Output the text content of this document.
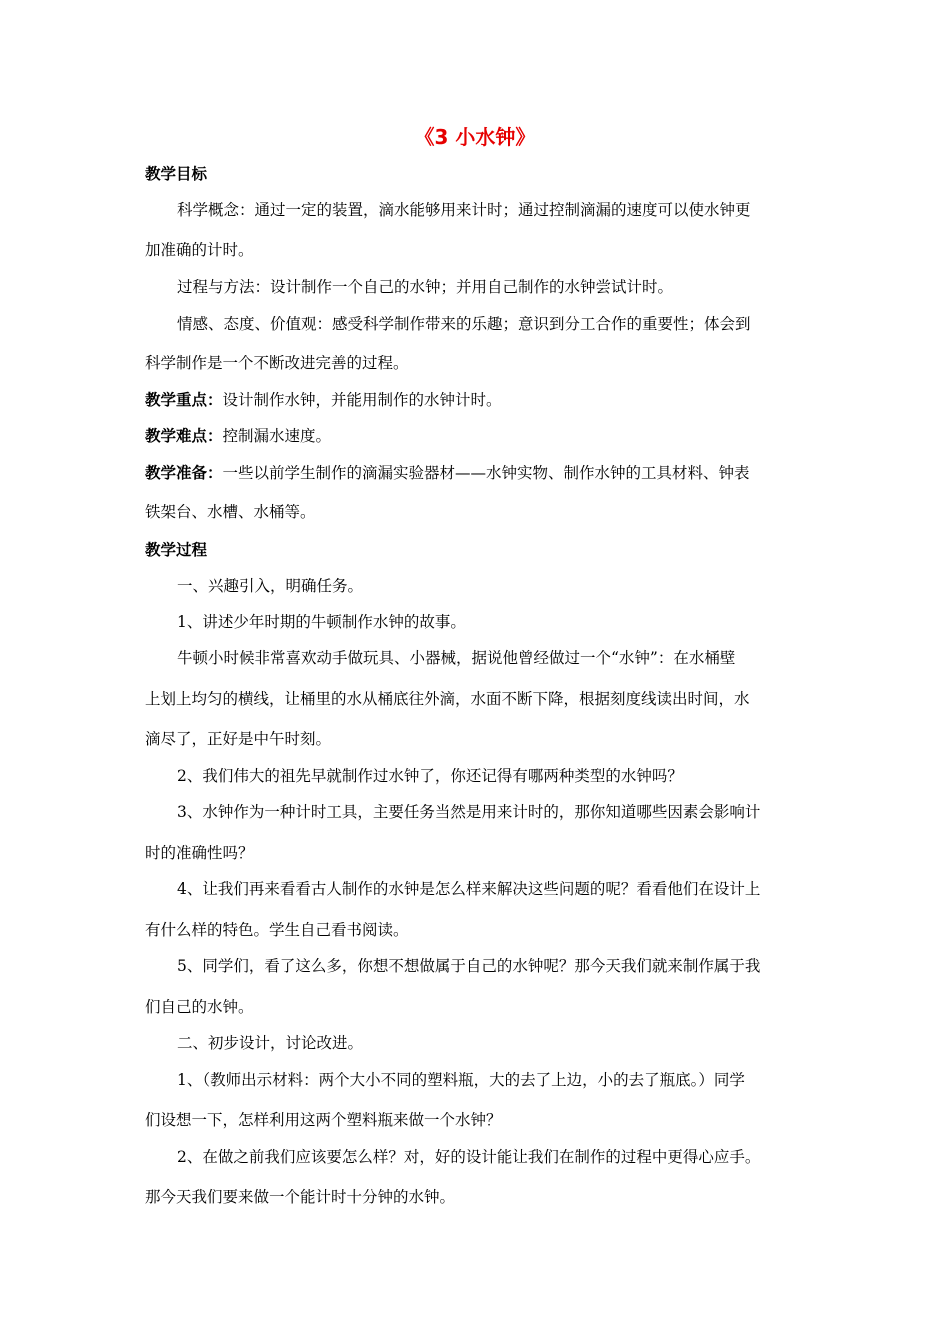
《3 小水钟》
教学目标
科学概念：通过一定的装置，滴水能够用来计时；通过控制滴漏的速度可以使水钟更
加准确的计时。
过程与方法：设计制作一个自己的水钟；并用自己制作的水钟尝试计时。
情感、态度、价值观：感受科学制作带来的乐趣；意识到分工合作的重要性；体会到
科学制作是一个不断改进完善的过程。
教学重点：设计制作水钟，并能用制作的水钟计时。
教学难点：控制漏水速度。
教学准备：一些以前学生制作的滴漏实验器材——水钟实物、制作水钟的工具材料、钟表
铁架台、水槽、水桶等。
教学过程
一、兴趣引入，明确任务。
1、讲述少年时期的牛顿制作水钟的故事。
牛顿小时候非常喜欢动手做玩具、小器械，据说他曾经做过一个“水钟”：在水桶壁
上划上均匀的横线，让桶里的水从桶底往外滴，水面不断下降，根据刻度线读出时间，水
滴尽了，正好是中午时刻。
2、我们伟大的祖先早就制作过水钟了，你还记得有哪两种类型的水钟吗？
3、水钟作为一种计时工具，主要任务当然是用来计时的，那你知道哪些因素会影响计
时的准确性吗？
4、让我们再来看看古人制作的水钟是怎么样来解决这些问题的呢？看看他们在设计上
有什么样的特色。学生自己看书阅读。
5、同学们，看了这么多，你想不想做属于自己的水钟呢？那今天我们就来制作属于我
们自己的水钟。
二、初步设计，讨论改进。
1、（教师出示材料：两个大小不同的塑料瓶，大的去了上边，小的去了瓶底。）同学
们设想一下，怎样利用这两个塑料瓶来做一个水钟？
2、在做之前我们应该要怎么样？对，好的设计能让我们在制作的过程中更得心应手。
那今天我们要来做一个能计时十分钟的水钟。
